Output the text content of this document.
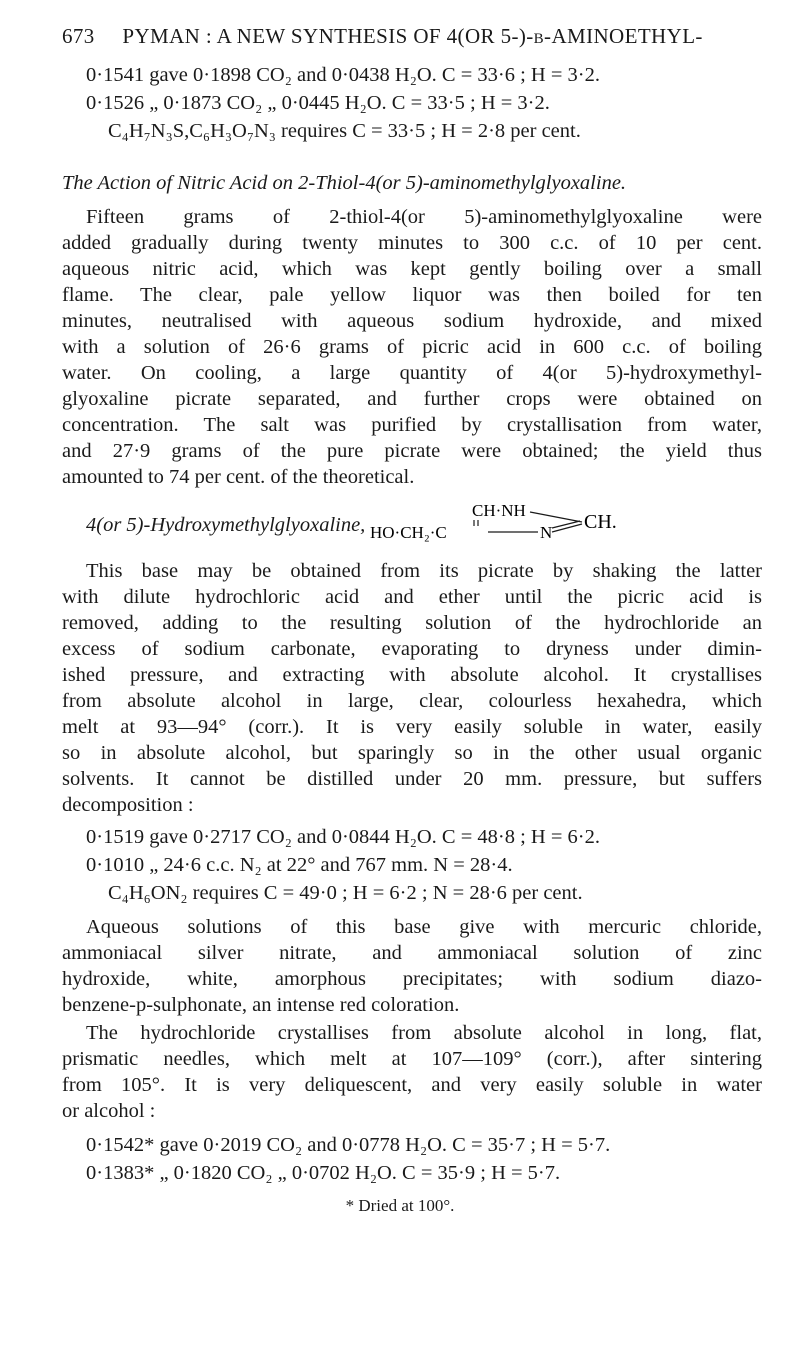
673 PYMAN : A NEW SYNTHESIS OF 4(OR 5-)-β-AMINOETHYL-
0·1541 gave 0·1898 CO₂ and 0·0438 H₂O. C = 33·6 ; H = 3·2.
0·1526 „ 0·1873 CO₂ „ 0·0445 H₂O. C = 33·5 ; H = 3·2.
C₄H₇N₃S,C₆H₃O₇N₃ requires C = 33·5 ; H = 2·8 per cent.
The Action of Nitric Acid on 2-Thiol-4(or 5)-aminomethylglyoxaline.
Fifteen grams of 2-thiol-4(or 5)-aminomethylglyoxaline were
added gradually during twenty minutes to 300 c.c. of 10 per cent.
aqueous nitric acid, which was kept gently boiling over a small
flame. The clear, pale yellow liquor was then boiled for ten
minutes, neutralised with aqueous sodium hydroxide, and mixed
with a solution of 26·6 grams of picric acid in 600 c.c. of boiling
water. On cooling, a large quantity of 4(or 5)-hydroxymethyl-
glyoxaline picrate separated, and further crops were obtained on
concentration. The salt was purified by crystallisation from water,
and 27·9 grams of the pure picrate were obtained; the yield thus
amounted to 74 per cent. of the theoretical.
4(or 5)-Hydroxymethylglyoxaline,
CH·NH
HO·CH₂·C	N CH.
This base may be obtained from its picrate by shaking the latter
with dilute hydrochloric acid and ether until the picric acid is
removed, adding to the resulting solution of the hydrochloride an
excess of sodium carbonate, evaporating to dryness under dimin-
ished pressure, and extracting with absolute alcohol. It crystallises
from absolute alcohol in large, clear, colourless hexahedra, which
melt at 93—94° (corr.). It is very easily soluble in water, easily
so in absolute alcohol, but sparingly so in the other usual organic
solvents. It cannot be distilled under 20 mm. pressure, but suffers
decomposition :
0·1519 gave 0·2717 CO₂ and 0·0844 H₂O. C = 48·8 ; H = 6·2.
0·1010 „ 24·6 c.c. N₂ at 22° and 767 mm. N = 28·4.
C₄H₆ON₂ requires C = 49·0 ; H = 6·2 ; N = 28·6 per cent.
Aqueous solutions of this base give with mercuric chloride,
ammoniacal silver nitrate, and ammoniacal solution of zinc
hydroxide, white, amorphous precipitates; with sodium diazo-
benzene-p-sulphonate, an intense red coloration.
The hydrochloride crystallises from absolute alcohol in long, flat,
prismatic needles, which melt at 107—109° (corr.), after sintering
from 105°. It is very deliquescent, and very easily soluble in water
or alcohol :
0·1542* gave 0·2019 CO₂ and 0·0778 H₂O. C = 35·7 ; H = 5·7.
0·1383* „ 0·1820 CO₂ „ 0·0702 H₂O. C = 35·9 ; H = 5·7.
* Dried at 100°.
